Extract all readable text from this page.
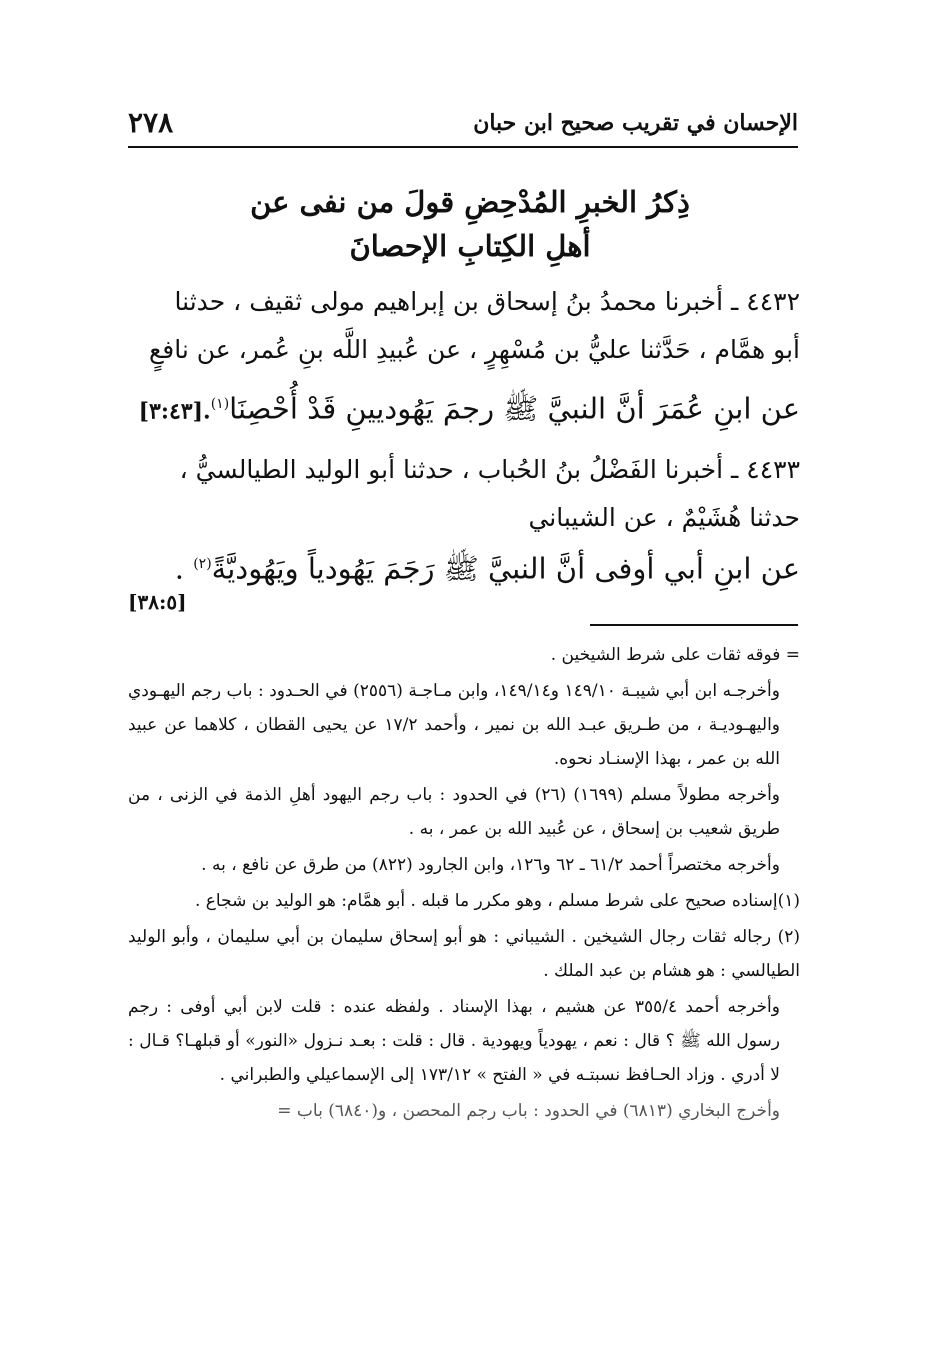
٢٧٨	الإحسان في تقريب صحيح ابن حبان
ذِكرُ الخبرِ المُدْحِضِ قولَ من نفى عن
أهلِ الكِتابِ الإحصانَ

٤٤٣٢ ـ أخبرنا محمدُ بنُ إسحاق بن إبراهيم مولى ثقيف ، حدثنا

أبو همَّام ، حَدَّثنا عليُّ بن مُسْهِرٍ ، عن عُبيدِ اللَّه بنِ عُمر، عن نافعٍ

عن ابنِ عُمَرَ أنَّ النبيَّ ﷺ رجمَ يَهُوديينِ قَدْ أُحْصِنَا$^{(١)}$.[٣:٤٣]

٤٤٣٣ ـ أخبرنا الفَضْلُ بنُ الحُباب ، حدثنا أبو الوليد الطيالسيُّ ،

حدثنا هُشَيْمٌ ، عن الشيباني

عن ابنِ أبي أوفى أنَّ النبيَّ ﷺ رَجَمَ يَهُودياً ويَهُوديَّةً$^{(٢)}$ .
[٣٨:٥]

= فوقه ثقات على شرط الشيخين .

وأخرجـه ابن أبي شيبـة ١٤٩/١٠ و١٤٩/١٤، وابن مـاجـة (٢٥٥٦) في الحـدود : باب رجم اليهـودي واليهـوديـة ، من طـريق عبـد الله بن نمير ، وأحمد ١٧/٢ عن يحيى القطان ، كلاهما عن عبيد الله بن عمر ، بهذا الإسنـاد نحوه.

وأخرجه مطولاً مسلم (١٦٩٩) (٢٦) في الحدود : باب رجم اليهود أهلِ الذمة في الزنى ، من طريق شعيب بن إسحاق ، عن عُبيد الله بن عمر ، به .

وأخرجه مختصراً أحمد ٦١/٢ ـ ٦٢ و١٢٦، وابن الجارود (٨٢٢) من طرق عن نافع ، به .

(١)إسناده صحيح على شرط مسلم ، وهو مكرر ما قبله . أبو همَّام: هو الوليد بن شجاع .

(٢) رجاله ثقات رجال الشيخين . الشيباني : هو أبو إسحاق سليمان بن أبي سليمان ، وأبو الوليد الطيالسي : هو هشام بن عبد الملك .

وأخرجه أحمد ٣٥٥/٤ عن هشيم ، بهذا الإسناد . ولفظه عنده : قلت لابن أبي أوفى : رجم رسول الله ﷺ ؟ قال : نعم ، يهودياً ويهودية . قال : قلت : بعـد نـزول «النور» أو قبلهـا؟ قـال : لا أدري . وزاد الحـافظ نسبتـه في « الفتح » ١٧٣/١٢ إلى الإسماعيلي والطبراني .

وأخرج البخاري (٦٨١٣) في الحدود : باب رجم المحصن ، و(٦٨٤٠) باب =
